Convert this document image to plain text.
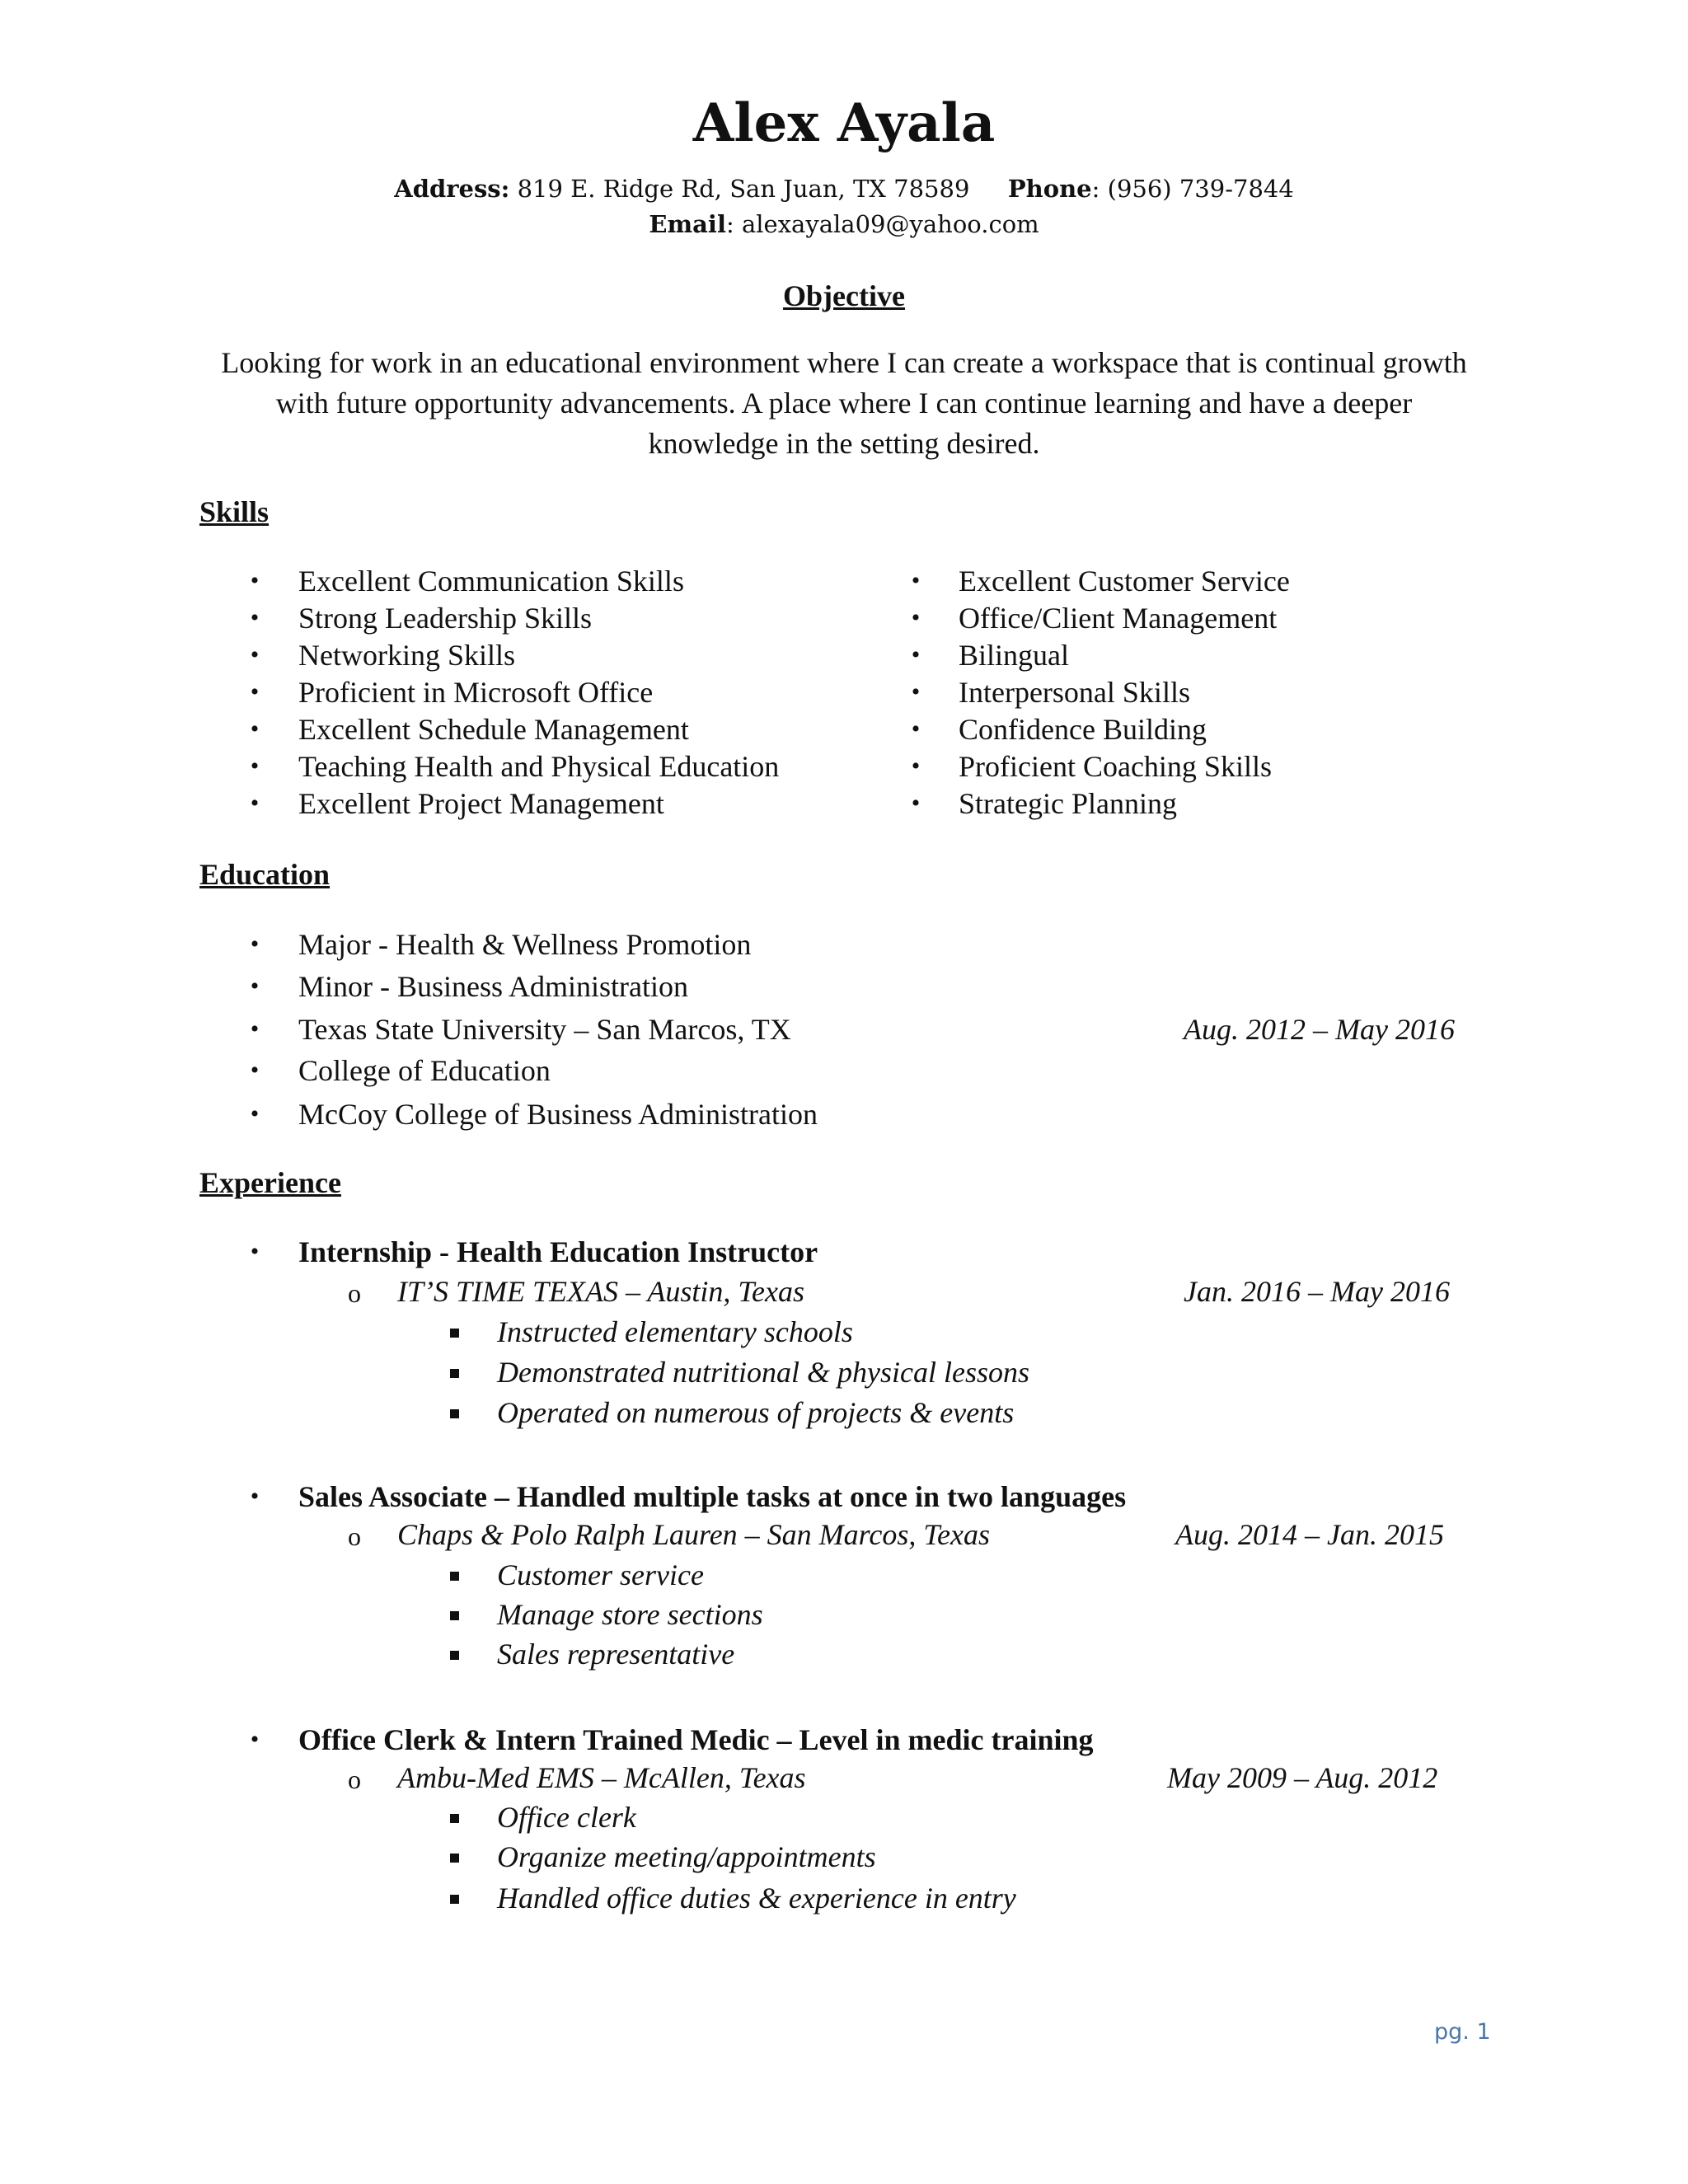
Alex Ayala
Address: 819 E. Ridge Rd, San Juan, TX 78589 Phone: (956) 739-7844
Email: alexayala09@yahoo.com
Objective
Looking for work in an educational environment where I can create a workspace that is continual growth
with future opportunity advancements. A place where I can continue learning and have a deeper
knowledge in the setting desired.
Skills
• Excellent Communication Skills
• Strong Leadership Skills
• Networking Skills
• Proficient in Microsoft Office
• Excellent Schedule Management
• Teaching Health and Physical Education
• Excellent Project Management
• Excellent Customer Service
• Office/Client Management
• Bilingual
• Interpersonal Skills
• Confidence Building
• Proficient Coaching Skills
• Strategic Planning
Education
• Major - Health & Wellness Promotion
• Minor - Business Administration
• Texas State University – San Marcos, TX	Aug. 2012 – May 2016
• College of Education
• McCoy College of Business Administration
Experience
• Internship - Health Education Instructor
o IT’S TIME TEXAS – Austin, Texas	Jan. 2016 – May 2016
Instructed elementary schools
Demonstrated nutritional & physical lessons
Operated on numerous of projects & events
• Sales Associate – Handled multiple tasks at once in two languages
o Chaps & Polo Ralph Lauren – San Marcos, Texas	Aug. 2014 – Jan. 2015
Customer service
Manage store sections
Sales representative
• Office Clerk & Intern Trained Medic – Level in medic training
o Ambu-Med EMS – McAllen, Texas	May 2009 – Aug. 2012
Office clerk
Organize meeting/appointments
Handled office duties & experience in entry
pg. 1
